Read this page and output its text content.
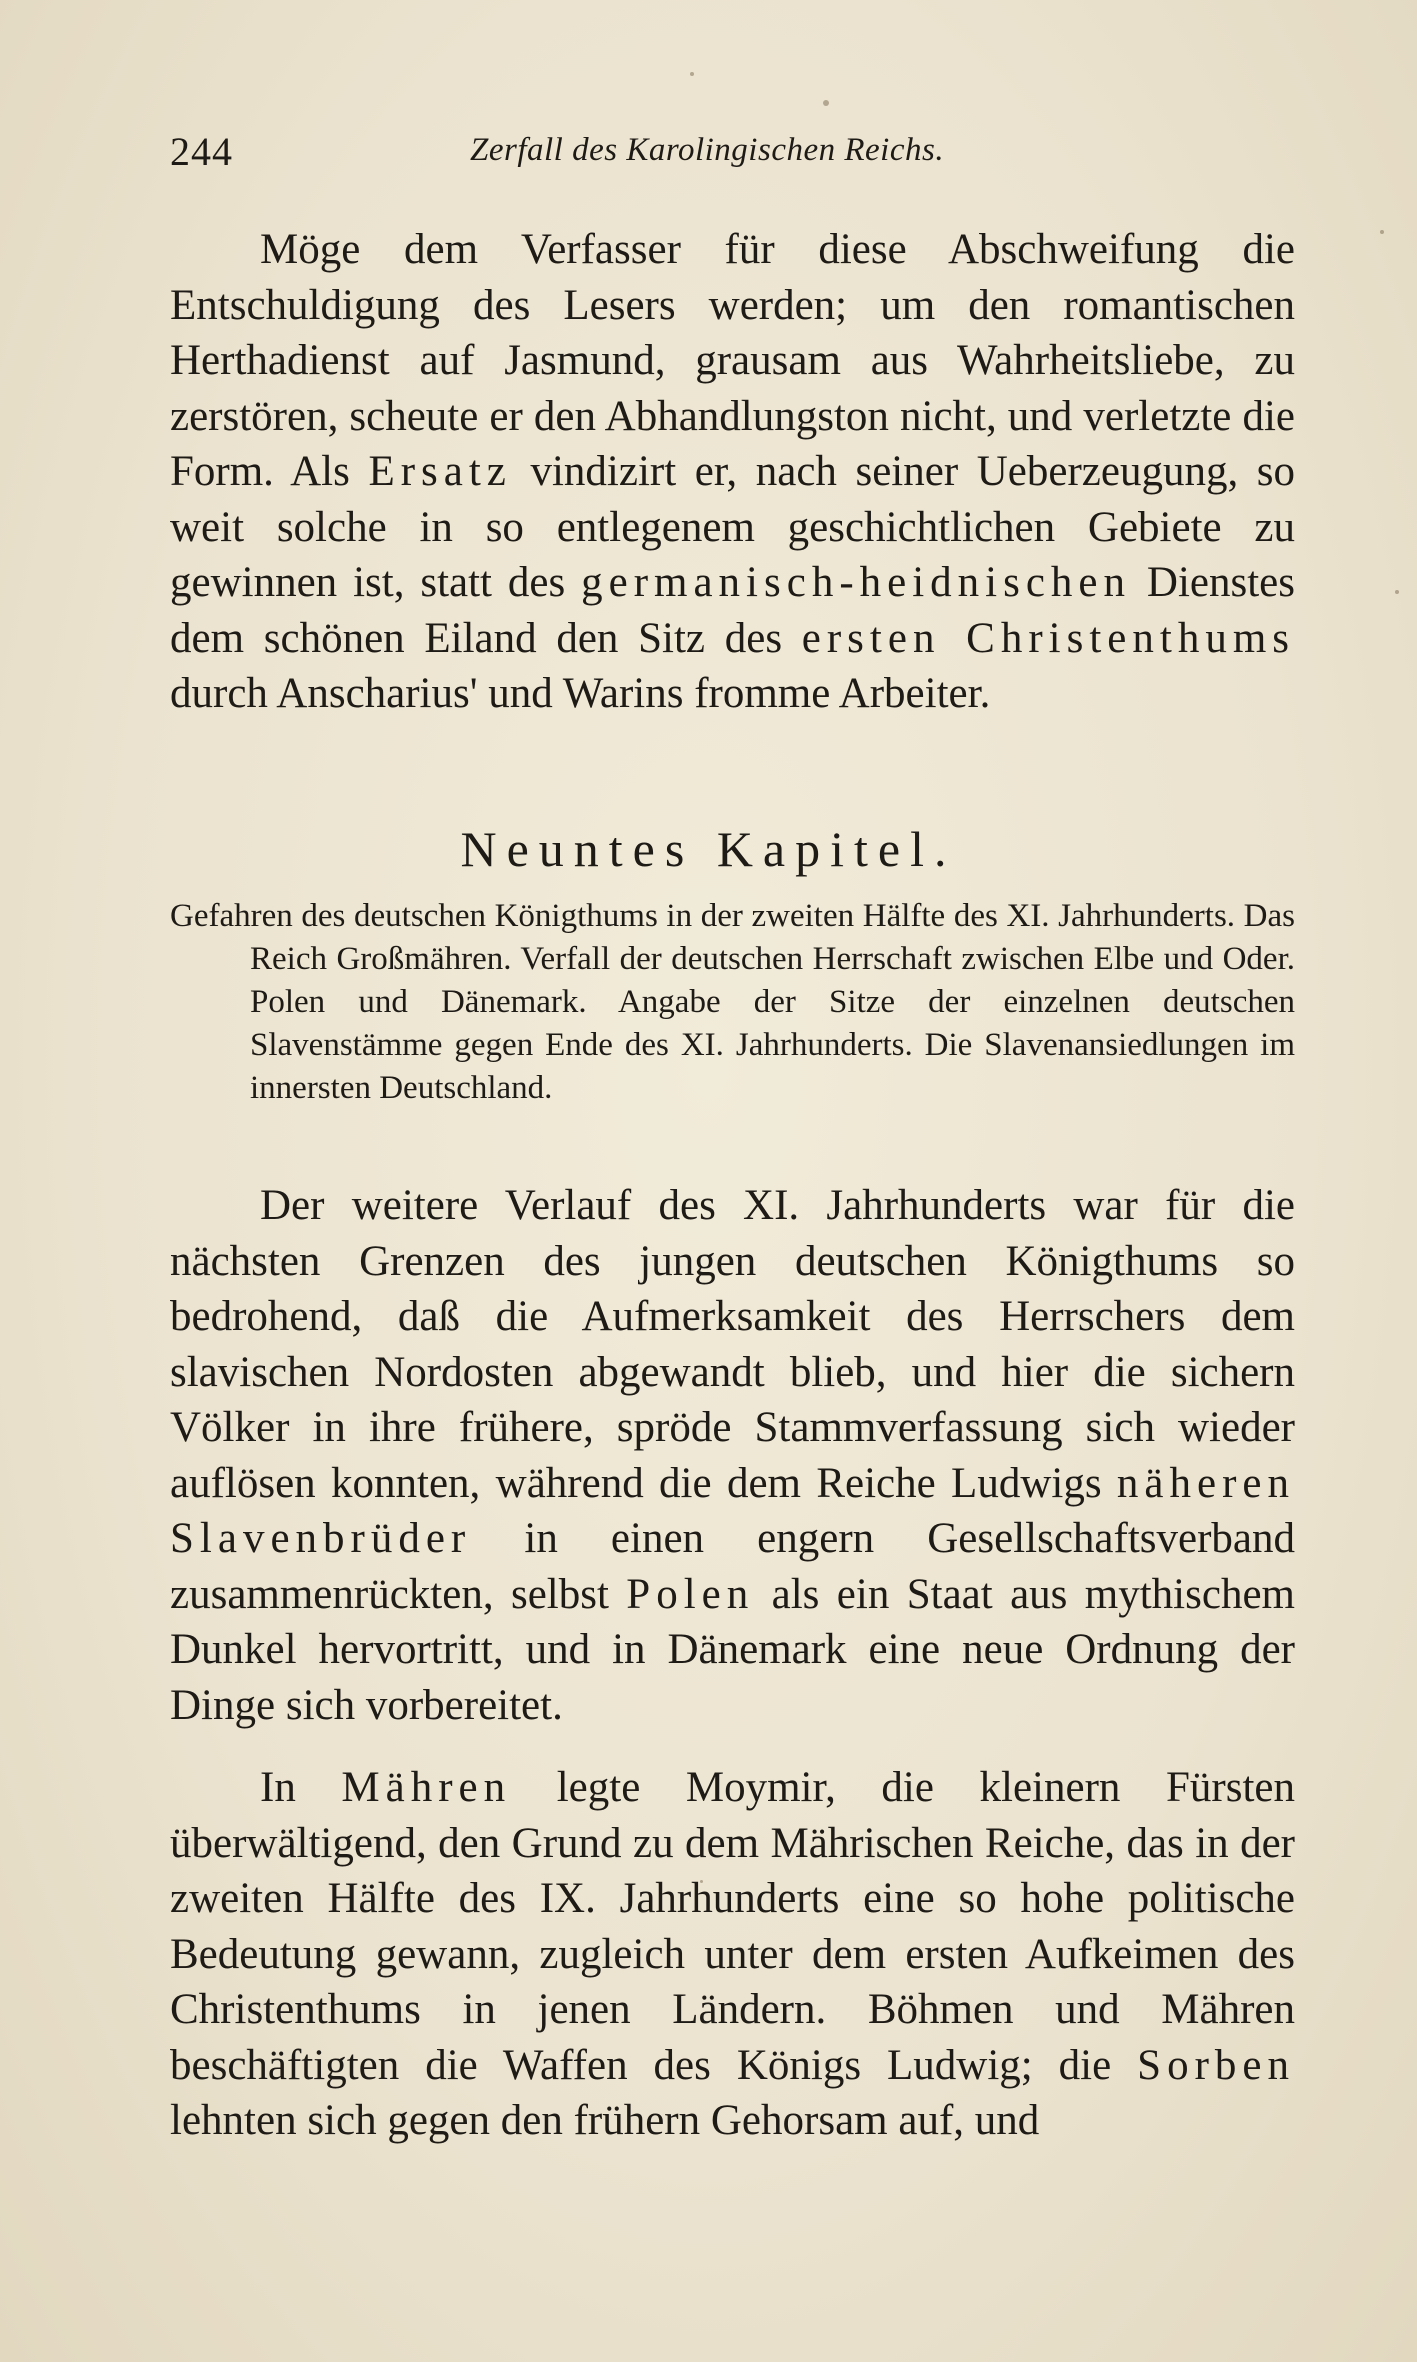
244	Zerfall des Karolingischen Reichs.

Möge dem Verfasser für diese Abschweifung die Entschuldigung des Lesers werden; um den romantischen Herthadienst auf Jasmund, grausam aus Wahrheitsliebe, zu zerstören, scheute er den Abhandlungston nicht, und verletzte die Form. Als Ersatz vindizirt er, nach seiner Ueberzeugung, so weit solche in so entlegenem geschichtlichen Gebiete zu gewinnen ist, statt des germanisch-heidnischen Dienstes dem schönen Eiland den Sitz des ersten Christenthums durch Anscharius' und Warins fromme Arbeiter.

Neuntes Kapitel.
Gefahren des deutschen Königthums in der zweiten Hälfte des XI. Jahrhunderts. Das Reich Großmähren. Verfall der deutschen Herrschaft zwischen Elbe und Oder. Polen und Dänemark. Angabe der Sitze der einzelnen deutschen Slavenstämme gegen Ende des XI. Jahrhunderts. Die Slavenansiedlungen im innersten Deutschland.

Der weitere Verlauf des XI. Jahrhunderts war für die nächsten Grenzen des jungen deutschen Königthums so bedrohend, daß die Aufmerksamkeit des Herrschers dem slavischen Nordosten abgewandt blieb, und hier die sichern Völker in ihre frühere, spröde Stammverfassung sich wieder auflösen konnten, während die dem Reiche Ludwigs näheren Slavenbrüder in einen engern Gesellschaftsverband zusammenrückten, selbst Polen als ein Staat aus mythischem Dunkel hervortritt, und in Dänemark eine neue Ordnung der Dinge sich vorbereitet.

In Mähren legte Moymir, die kleinern Fürsten überwältigend, den Grund zu dem Mährischen Reiche, das in der zweiten Hälfte des IX. Jahrhunderts eine so hohe politische Bedeutung gewann, zugleich unter dem ersten Aufkeimen des Christenthums in jenen Ländern. Böhmen und Mähren beschäftigten die Waffen des Königs Ludwig; die Sorben lehnten sich gegen den frühern Gehorsam auf, und
